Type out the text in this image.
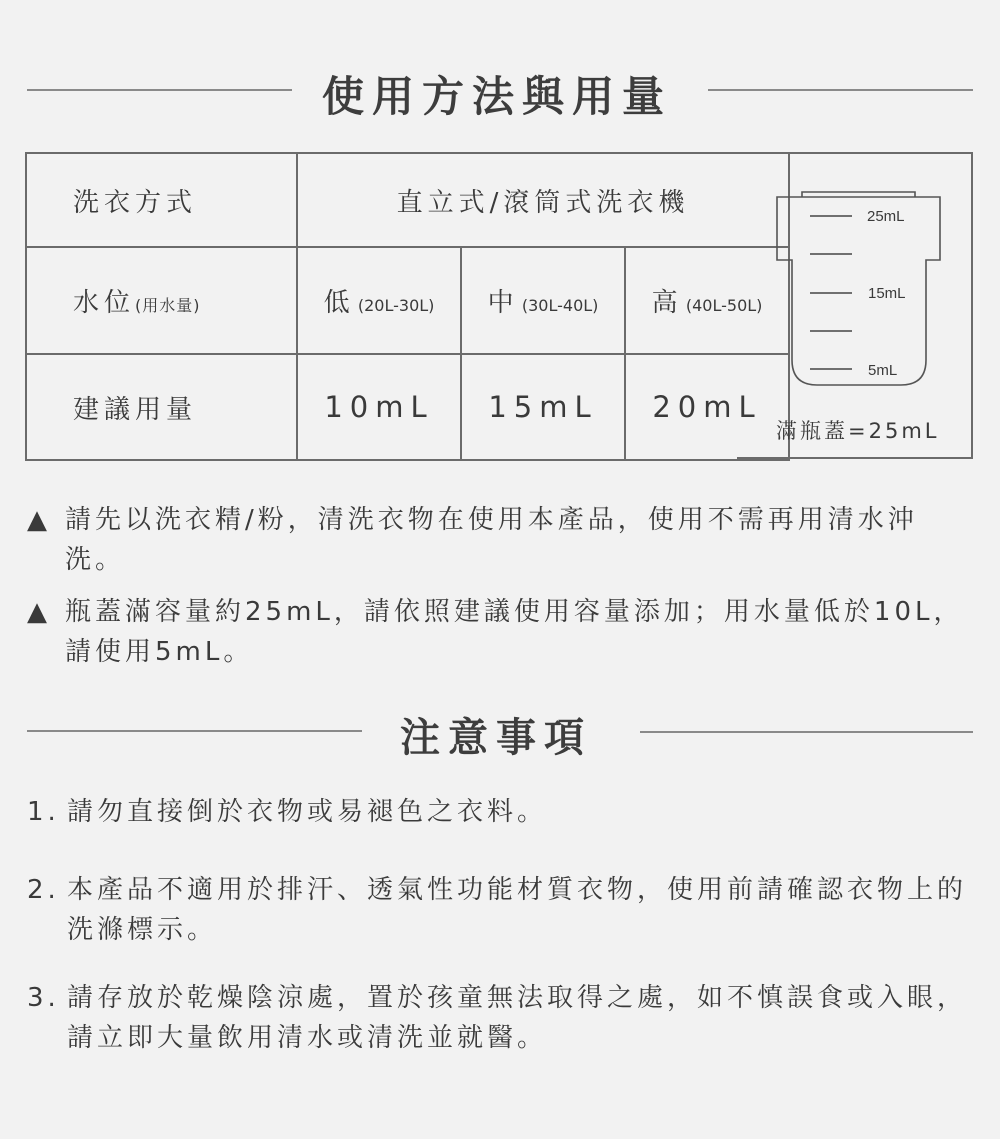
使用方法與用量
洗衣方式	直立式/滾筒式洗衣機		
水位(用水量)	低 (20L-30L)	中 (30L-40L)	高 (40L-50L)
建議用量	10mL	15mL	20mL
25mL
15mL
5mL
滿瓶蓋=25mL
▲ 請先以洗衣精/粉，清洗衣物在使用本產品，使用不需再用清水沖洗。
▲ 瓶蓋滿容量約25mL，請依照建議使用容量添加；用水量低於10L，請使用5mL。
注意事項
1. 請勿直接倒於衣物或易褪色之衣料。
2. 本產品不適用於排汗、透氣性功能材質衣物，使用前請確認衣物上的洗滌標示。
3. 請存放於乾燥陰涼處，置於孩童無法取得之處，如不慎誤食或入眼，請立即大量飲用清水或清洗並就醫。
